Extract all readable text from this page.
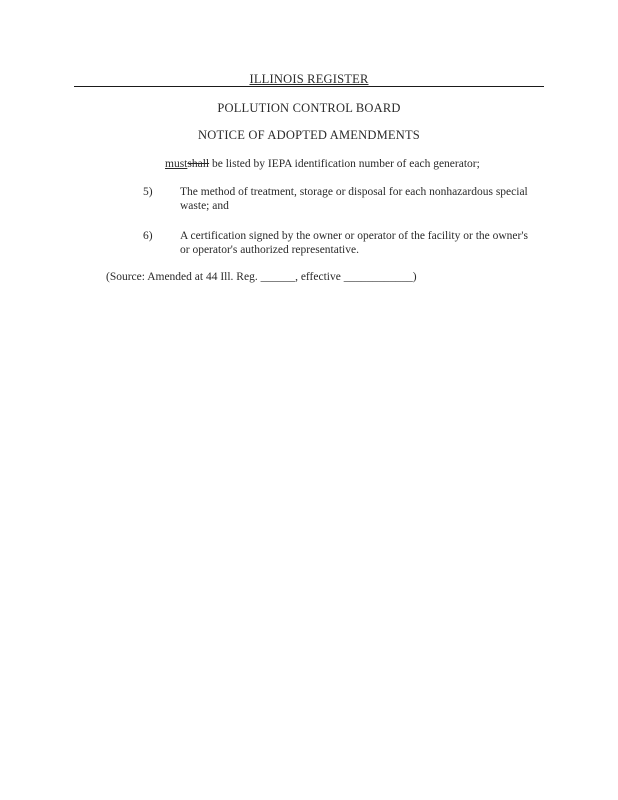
ILLINOIS REGISTER
POLLUTION CONTROL BOARD
NOTICE OF ADOPTED AMENDMENTS
mustshall be listed by IEPA identification number of each generator;
5) The method of treatment, storage or disposal for each nonhazardous special waste; and
6) A certification signed by the owner or operator of the facility or the owner's or operator's authorized representative.
(Source: Amended at 44 Ill. Reg. ______, effective ____________)
